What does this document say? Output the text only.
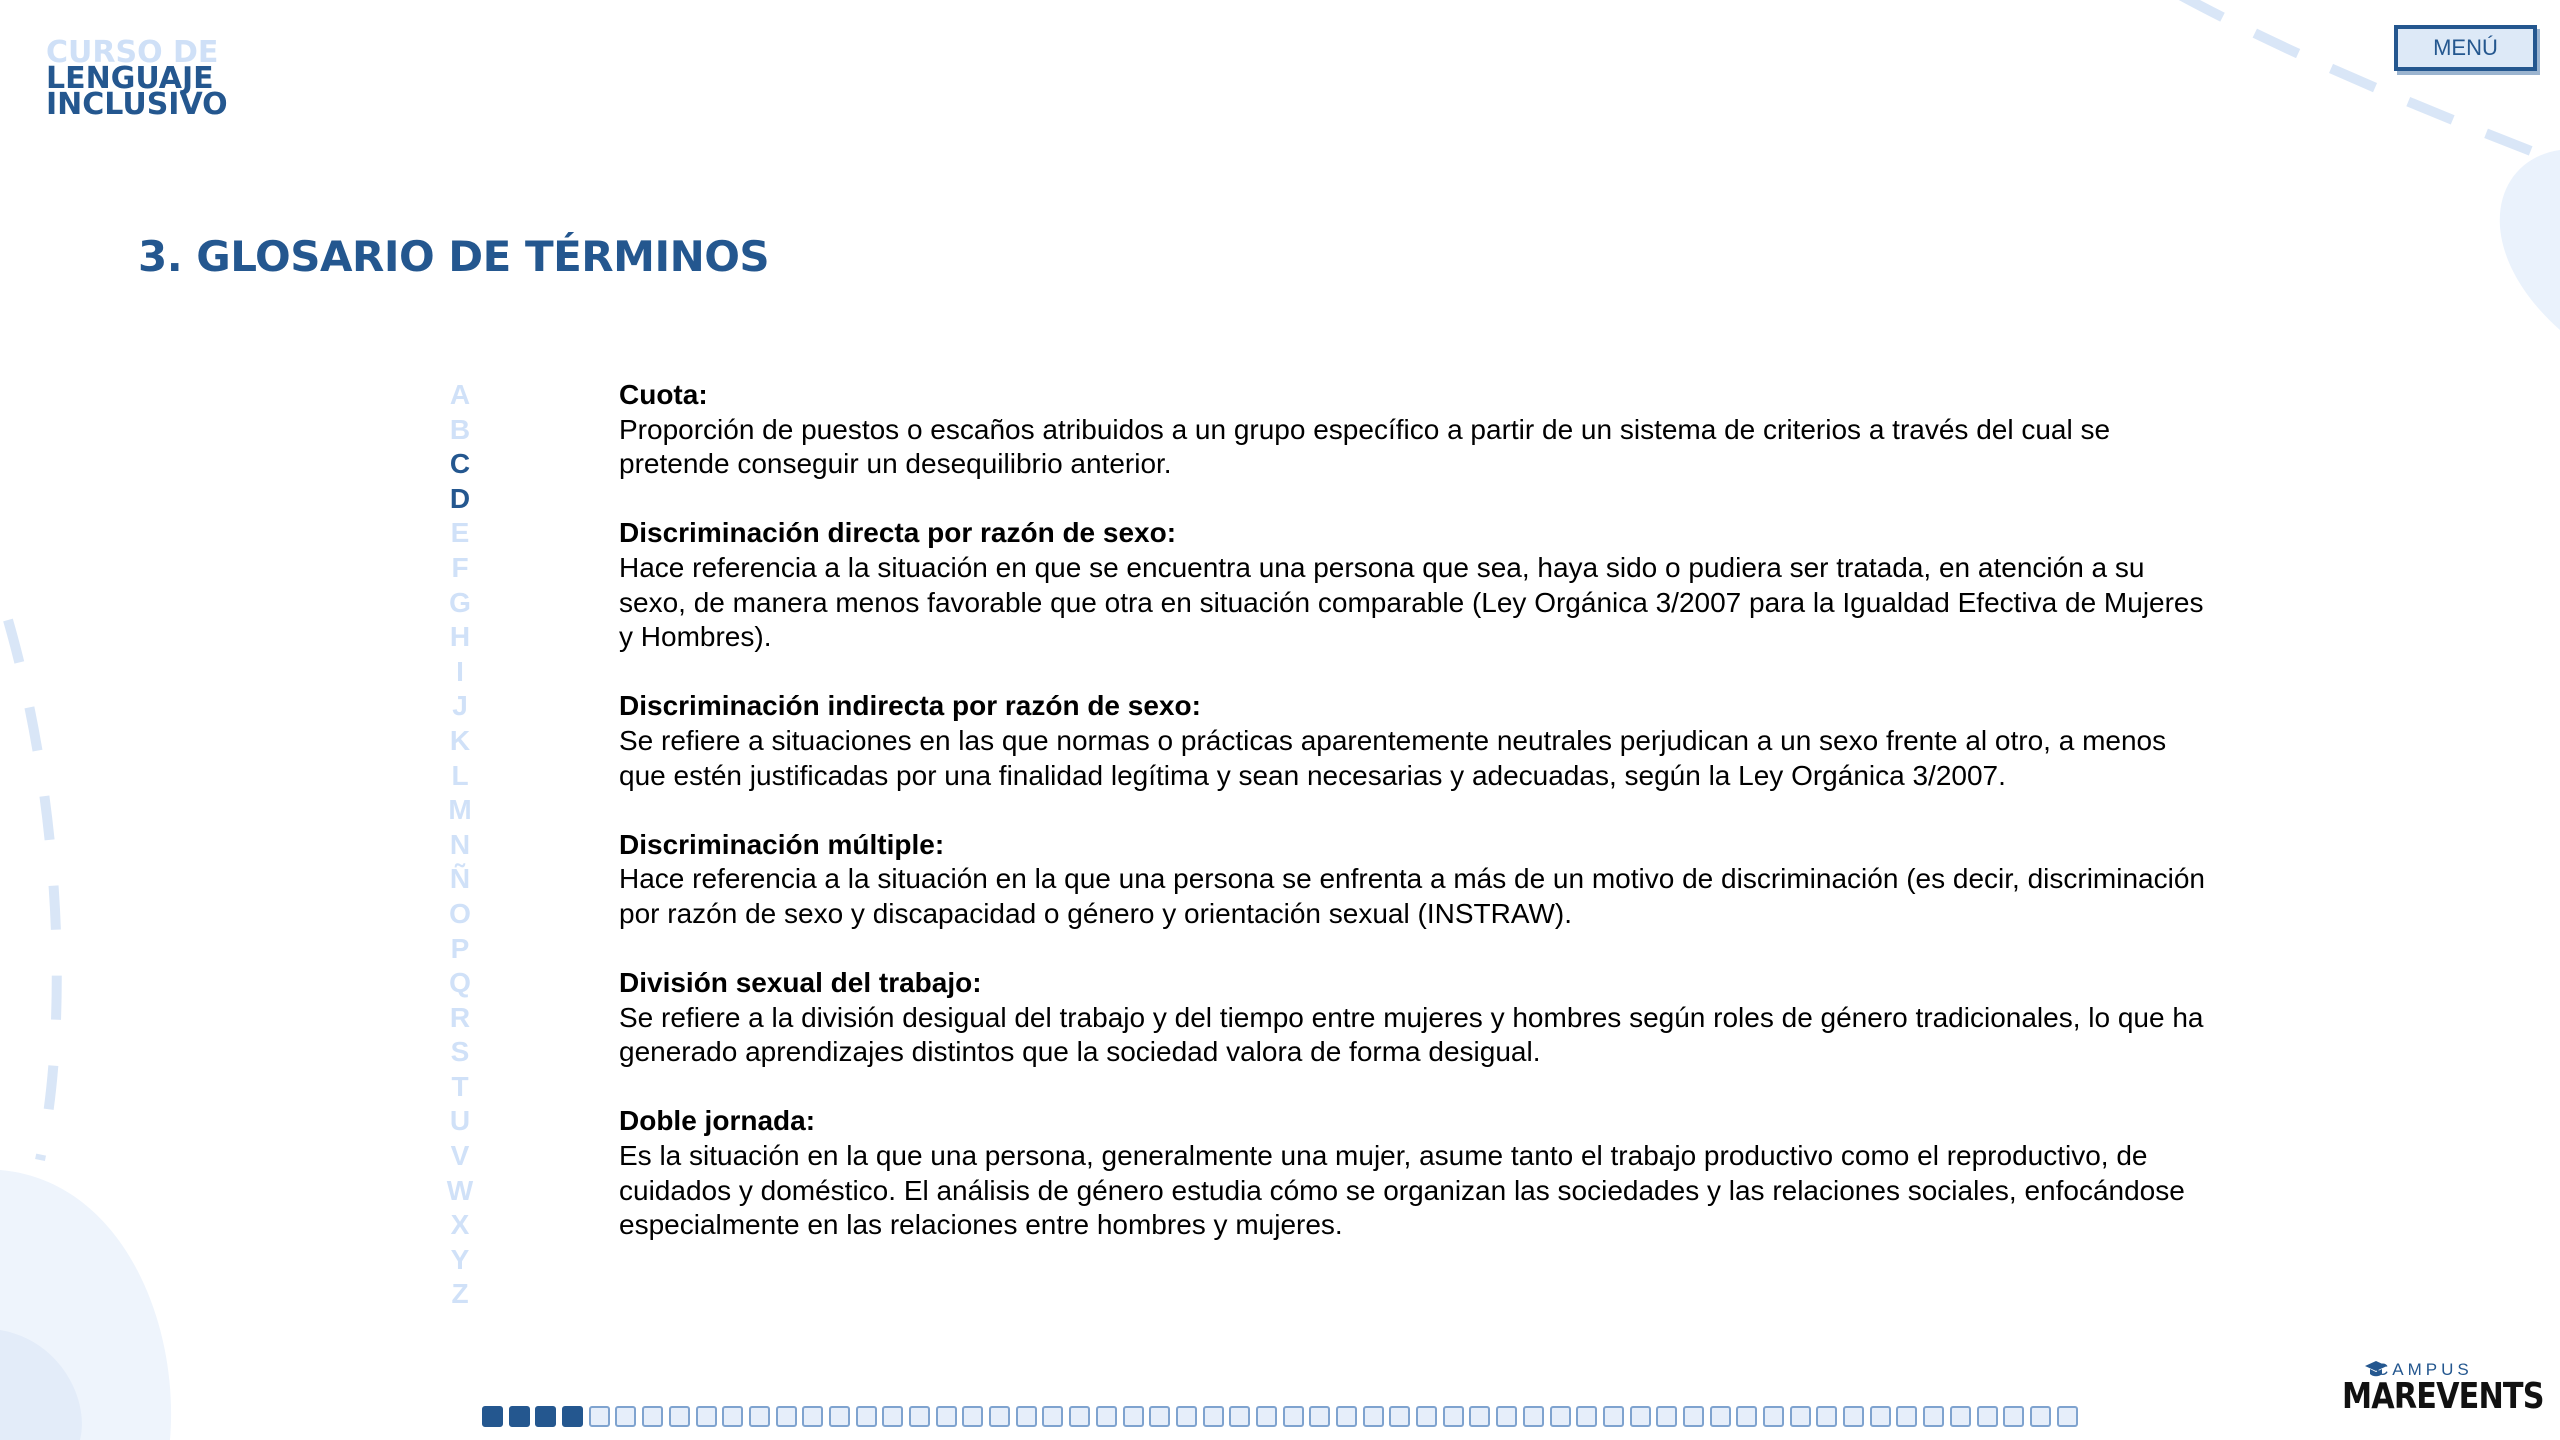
CURSO DE
LENGUAJE
INCLUSIVO
MENÚ
3. GLOSARIO DE TÉRMINOS
A
B
C
D
E
F
G
H
I
J
K
L
M
N
Ñ
O
P
Q
R
S
T
U
V
W
X
Y
Z
Cuota:
Proporción de puestos o escaños atribuidos a un grupo específico a partir de un sistema de criterios a través del cual se pretende conseguir un desequilibrio anterior.
Discriminación directa por razón de sexo:
Hace referencia a la situación en que se encuentra una persona que sea, haya sido o pudiera ser tratada, en atención a su sexo, de manera menos favorable que otra en situación comparable (Ley Orgánica 3/2007 para la Igualdad Efectiva de Mujeres y Hombres).
Discriminación indirecta por razón de sexo:
Se refiere a situaciones en las que normas o prácticas aparentemente neutrales perjudican a un sexo frente al otro, a menos que estén justificadas por una finalidad legítima y sean necesarias y adecuadas, según la Ley Orgánica 3/2007.
Discriminación múltiple:
Hace referencia a la situación en la que una persona se enfrenta a más de un motivo de discriminación (es decir, discriminación por razón de sexo y discapacidad o género y orientación sexual (INSTRAW).
División sexual del trabajo:
Se refiere a la división desigual del trabajo y del tiempo entre mujeres y hombres según roles de género tradicionales, lo que ha generado aprendizajes distintos que la sociedad valora de forma desigual.
Doble jornada:
Es la situación en la que una persona, generalmente una mujer, asume tanto el trabajo productivo como el reproductivo, de cuidados y doméstico. El análisis de género estudia cómo se organizan las sociedades y las relaciones sociales, enfocándose especialmente en las relaciones entre hombres y mujeres.
CAMPUS
MAREVENTS
